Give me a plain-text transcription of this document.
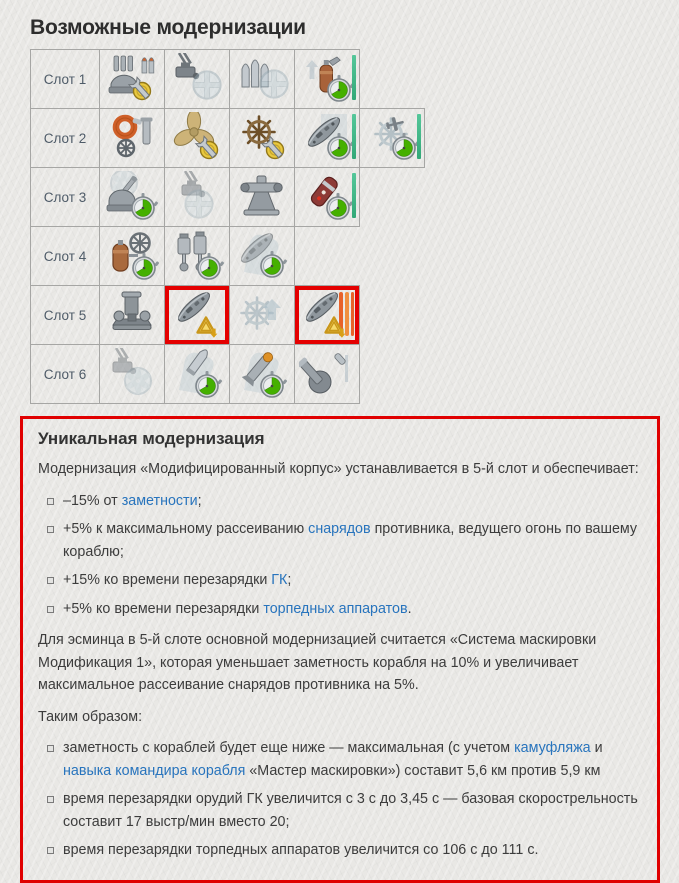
Возможные модернизации
Слот 1				

Слот 2				

Слот 3				

Слот 4			
Слот 5				
Слот 6				
Уникальная модернизация

Модернизация «Модифицированный корпус» устанавливается в 5-й слот и обеспечивает:

–15% от заметности;
+5% к максимальному рассеиванию снарядов противника, ведущего огонь по вашему кораблю;
+15% ко времени перезарядки ГК;
+5% ко времени перезарядки торпедных аппаратов.

Для эсминца в 5-й слоте основной модернизацией считается «Система маскировки Модификация 1», которая уменьшает заметность корабля на 10% и увеличивает максимальное рассеивание снарядов противника на 5%.

Таким образом:

заметность с кораблей будет еще ниже — максимальная (с учетом камуфляжа и навыка командира корабля «Мастер маскировки») составит 5,6 км против 5,9 км
время перезарядки орудий ГК увеличится с 3 с до 3,45 с — базовая скорострельность составит 17 выстр/мин вместо 20;
время перезарядки торпедных аппаратов увеличится со 106 с до 111 с.
